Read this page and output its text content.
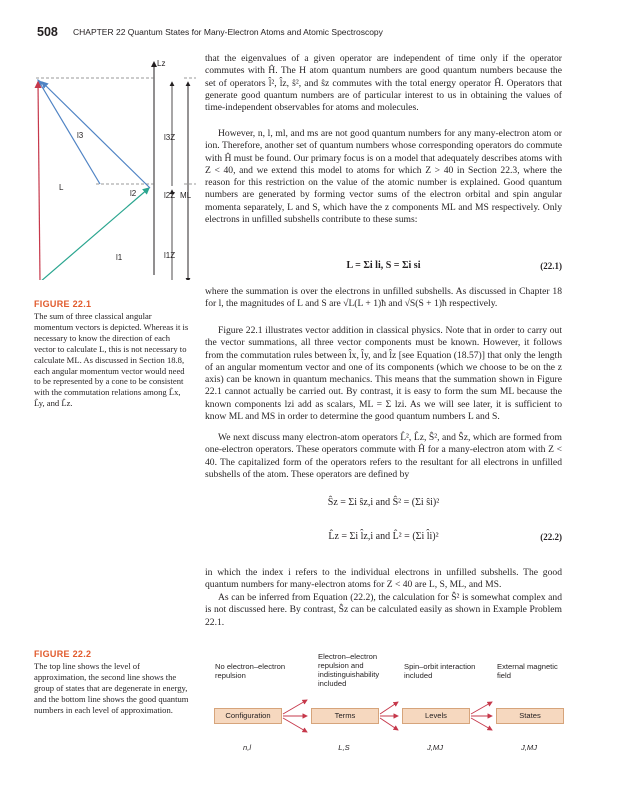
508 CHAPTER 22 Quantum States for Many-Electron Atoms and Atomic Spectroscopy
Lz
l3	l3Z
L
l2	l2Z ML
l1	l1Z
FIGURE 22.1
The sum of three classical angular momentum vectors is depicted. Whereas it is necessary to know the direction of each vector to calculate L, this is not necessary to calculate ML. As discussed in Section 18.8, each angular momentum vector would need to be represented by a cone to be consistent with the commutation relations among L̂x, L̂y, and L̂z.

that the eigenvalues of a given operator are independent of time only if the operator commutes with Ĥ. The H atom quantum numbers are good quantum numbers because the set of operators l̂², l̂z, ŝ², and ŝz commutes with the total energy operator Ĥ. Operators that generate good quantum numbers are of particular interest to us in obtaining the values of time-independent observables for atoms and molecules.

However, n, l, ml, and ms are not good quantum numbers for any many-electron atom or ion. Therefore, another set of quantum numbers whose corresponding operators do commute with Ĥ must be found. Our primary focus is on a model that adequately describes atoms with Z < 40, and we extend this model to atoms for which Z > 40 in Section 22.3, where the reason for this restriction on the value of the atomic number is explained. Good quantum numbers are generated by forming vector sums of the electron orbital and spin angular momenta separately, L and S, which have the z components ML and MS respectively. Only electrons in unfilled subshells contribute to these sums:

L = Σi li, S = Σi si	(22.1)

where the summation is over the electrons in unfilled subshells. As discussed in Chapter 18 for l, the magnitudes of L and S are √L(L + 1)ħ and √S(S + 1)ħ respectively.

Figure 22.1 illustrates vector addition in classical physics. Note that in order to carry out the vector summations, all three vector components must be known. However, it follows from the commutation rules between l̂x, l̂y, and l̂z [see Equation (18.57)] that only the length of an angular momentum vector and one of its components (which we choose to be on the z axis) can be known in quantum mechanics. This means that the summation shown in Figure 22.1 cannot actually be carried out. By contrast, it is easy to form the sum ML because the known components lzi add as scalars, ML = Σ lzi. As we will see later, it is sufficient to know ML and MS in order to determine the good quantum numbers L and S.

We next discuss many electron-atom operators L̂², L̂z, Ŝ², and Ŝz, which are formed from one-electron operators. These operators commute with Ĥ for a many-electron atom with Z < 40. The capitalized form of the operators refers to the resultant for all electrons in unfilled subshells of the atom. These operators are defined by

Ŝz = Σi ŝz,i and Ŝ² = (Σi ŝi)²
L̂z = Σi l̂z,i and L̂² = (Σi l̂i)²	(22.2)

in which the index i refers to the individual electrons in unfilled subshells. The good quantum numbers for many-electron atoms for Z < 40 are L, S, ML, and MS.

As can be inferred from Equation (22.2), the calculation for Ŝ² is somewhat complex and is not discussed here. By contrast, Ŝz can be calculated easily as shown in Example Problem 22.1.

FIGURE 22.2
The top line shows the level of approximation, the second line shows the group of states that are degenerate in energy, and the bottom line shows the good quantum numbers in each level of approximation.
No electron–electron repulsion
Electron–electron repulsion and indistinguishability included
Spin–orbit interaction included
External magnetic field
Configuration	Terms	Levels	States
n,l	L,S	J,MJ	J,MJ
